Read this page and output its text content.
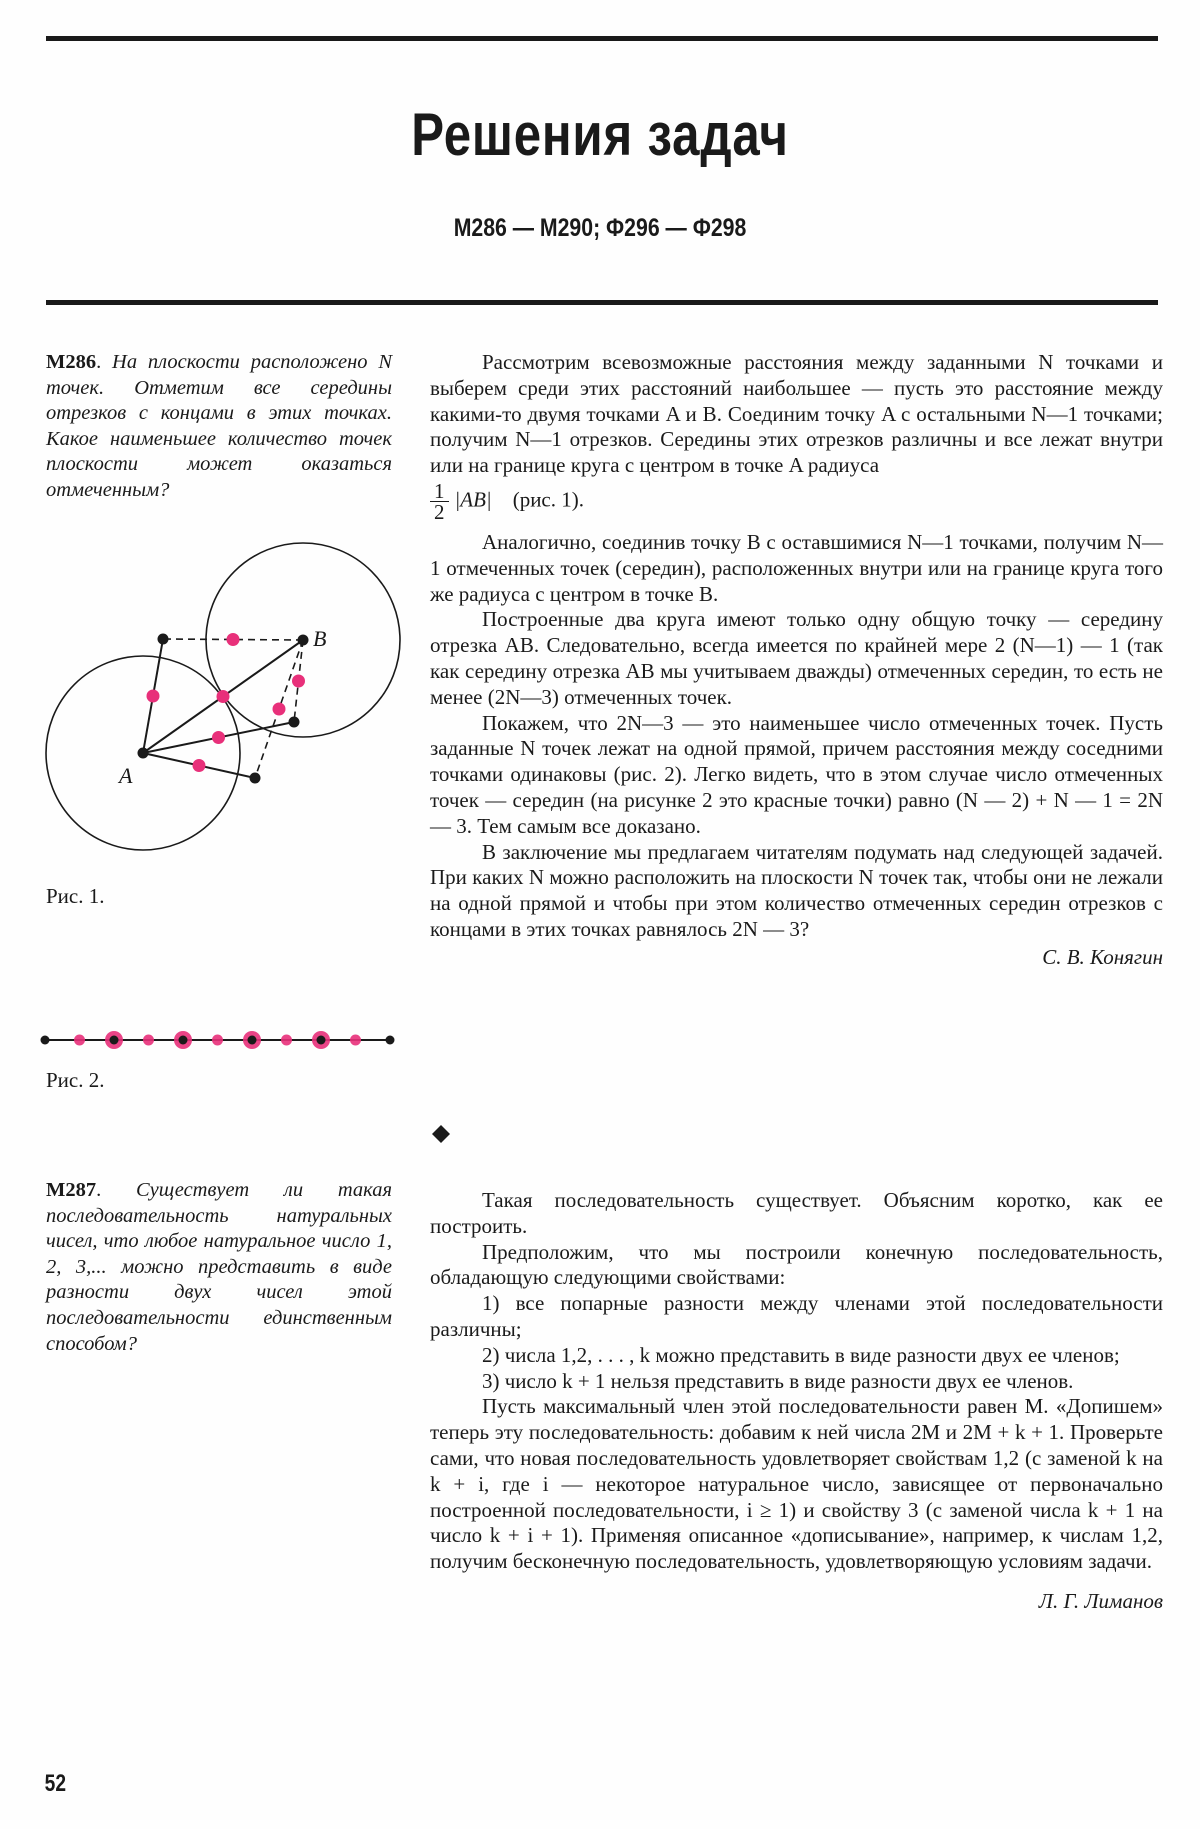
Решения задач
М286 — М290; Ф296 — Ф298
М286. На плоскости расположено N точек. Отметим все середины отрезков с концами в этих точках. Какое наименьшее количество точек плоскости может оказаться отмеченным?
A
B
Рис. 1.
Рис. 2.

Рассмотрим всевозможные расстояния между заданными N точками и выберем среди этих расстояний наибольшее — пусть это расстояние между какими-то двумя точками A и B. Соединим точку A с остальными N—1 точками; получим N—1 отрезков. Середины этих отрезков различны и все лежат внутри или на границе круга с центром в точке A радиуса

$\frac{1}{2} |AB|$ (рис. 1).

Аналогично, соединив точку B с оставшимися N—1 точками, получим N—1 отмеченных точек (середин), расположенных внутри или на границе круга того же радиуса с центром в точке B.

Построенные два круга имеют только одну общую точку — середину отрезка AB. Следовательно, всегда имеется по крайней мере 2 (N—1) — 1 (так как середину отрезка AB мы учитываем дважды) отмеченных середин, то есть не менее (2N—3) отмеченных точек.

Покажем, что 2N—3 — это наименьшее число отмеченных точек. Пусть заданные N точек лежат на одной прямой, причем расстояния между соседними точками одинаковы (рис. 2). Легко видеть, что в этом случае число отмеченных точек — середин (на рисунке 2 это красные точки) равно (N — 2) + N — 1 = 2N — 3. Тем самым все доказано.

В заключение мы предлагаем читателям подумать над следующей задачей. При каких N можно расположить на плоскости N точек так, чтобы они не лежали на одной прямой и чтобы при этом количество отмеченных середин отрезков с концами в этих точках равнялось 2N — 3?

С. В. Конягин
М287. Существует ли такая последовательность натуральных чисел, что любое натуральное число 1, 2, 3,... можно представить в виде разности двух чисел этой последовательности единственным способом?

Такая последовательность существует. Объясним коротко, как ее построить.

Предположим, что мы построили конечную последовательность, обладающую следующими свойствами:

1) все попарные разности между членами этой последовательности различны;

2) числа 1,2, . . . , k можно представить в виде разности двух ее членов;

3) число k + 1 нельзя представить в виде разности двух ее членов.

Пусть максимальный член этой последовательности равен M. «Допишем» теперь эту последовательность: добавим к ней числа 2M и 2M + k + 1. Проверьте сами, что новая последовательность удовлетворяет свойствам 1,2 (с заменой k на k + i, где i — некоторое натуральное число, зависящее от первоначально построенной последовательности, i ≥ 1) и свойству 3 (с заменой числа k + 1 на число k + i + 1). Применяя описанное «дописывание», например, к числам 1,2, получим бесконечную последовательность, удовлетворяющую условиям задачи.

Л. Г. Лиманов
52
